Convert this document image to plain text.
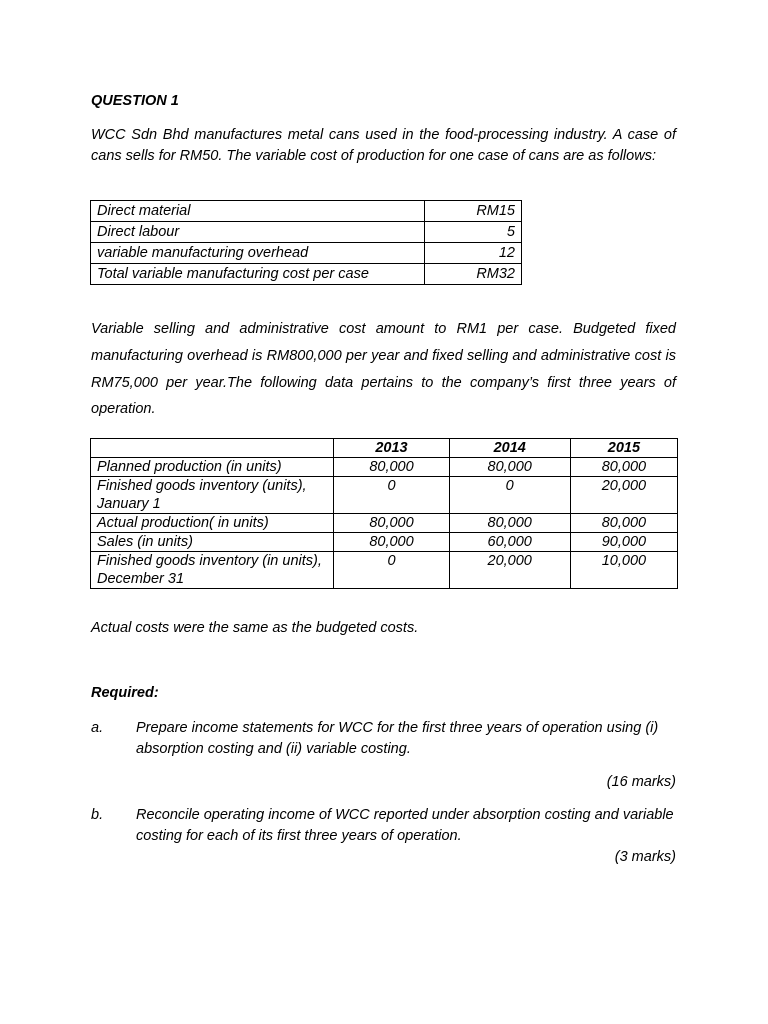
QUESTION 1

WCC Sdn Bhd manufactures metal cans used in the food-processing industry. A case of cans sells for RM50. The variable cost of production for one case of cans are as follows:

Direct material	RM15
Direct labour	5
variable manufacturing overhead	12
Total variable manufacturing cost per case	RM32

Variable selling and administrative cost amount to RM1 per case. Budgeted fixed manufacturing overhead is RM800,000 per year and fixed selling and administrative cost is RM75,000 per year.The following data pertains to the company’s first three years of operation.

	2013	2014	2015
Planned production (in units)	80,000	80,000	80,000
Finished goods inventory (units), January 1	0	0	20,000
Actual production( in units)	80,000	80,000	80,000
Sales (in units)	80,000	60,000	90,000
Finished goods inventory (in units), December 31	0	20,000	10,000
Actual costs were the same as the budgeted costs.
Required:
a. Prepare income statements for WCC for the first three years of operation using (i) absorption costing and (ii) variable costing.

(16 marks)
b. Reconcile operating income of WCC reported under absorption costing and variable costing for each of its first three years of operation.

(3 marks)
